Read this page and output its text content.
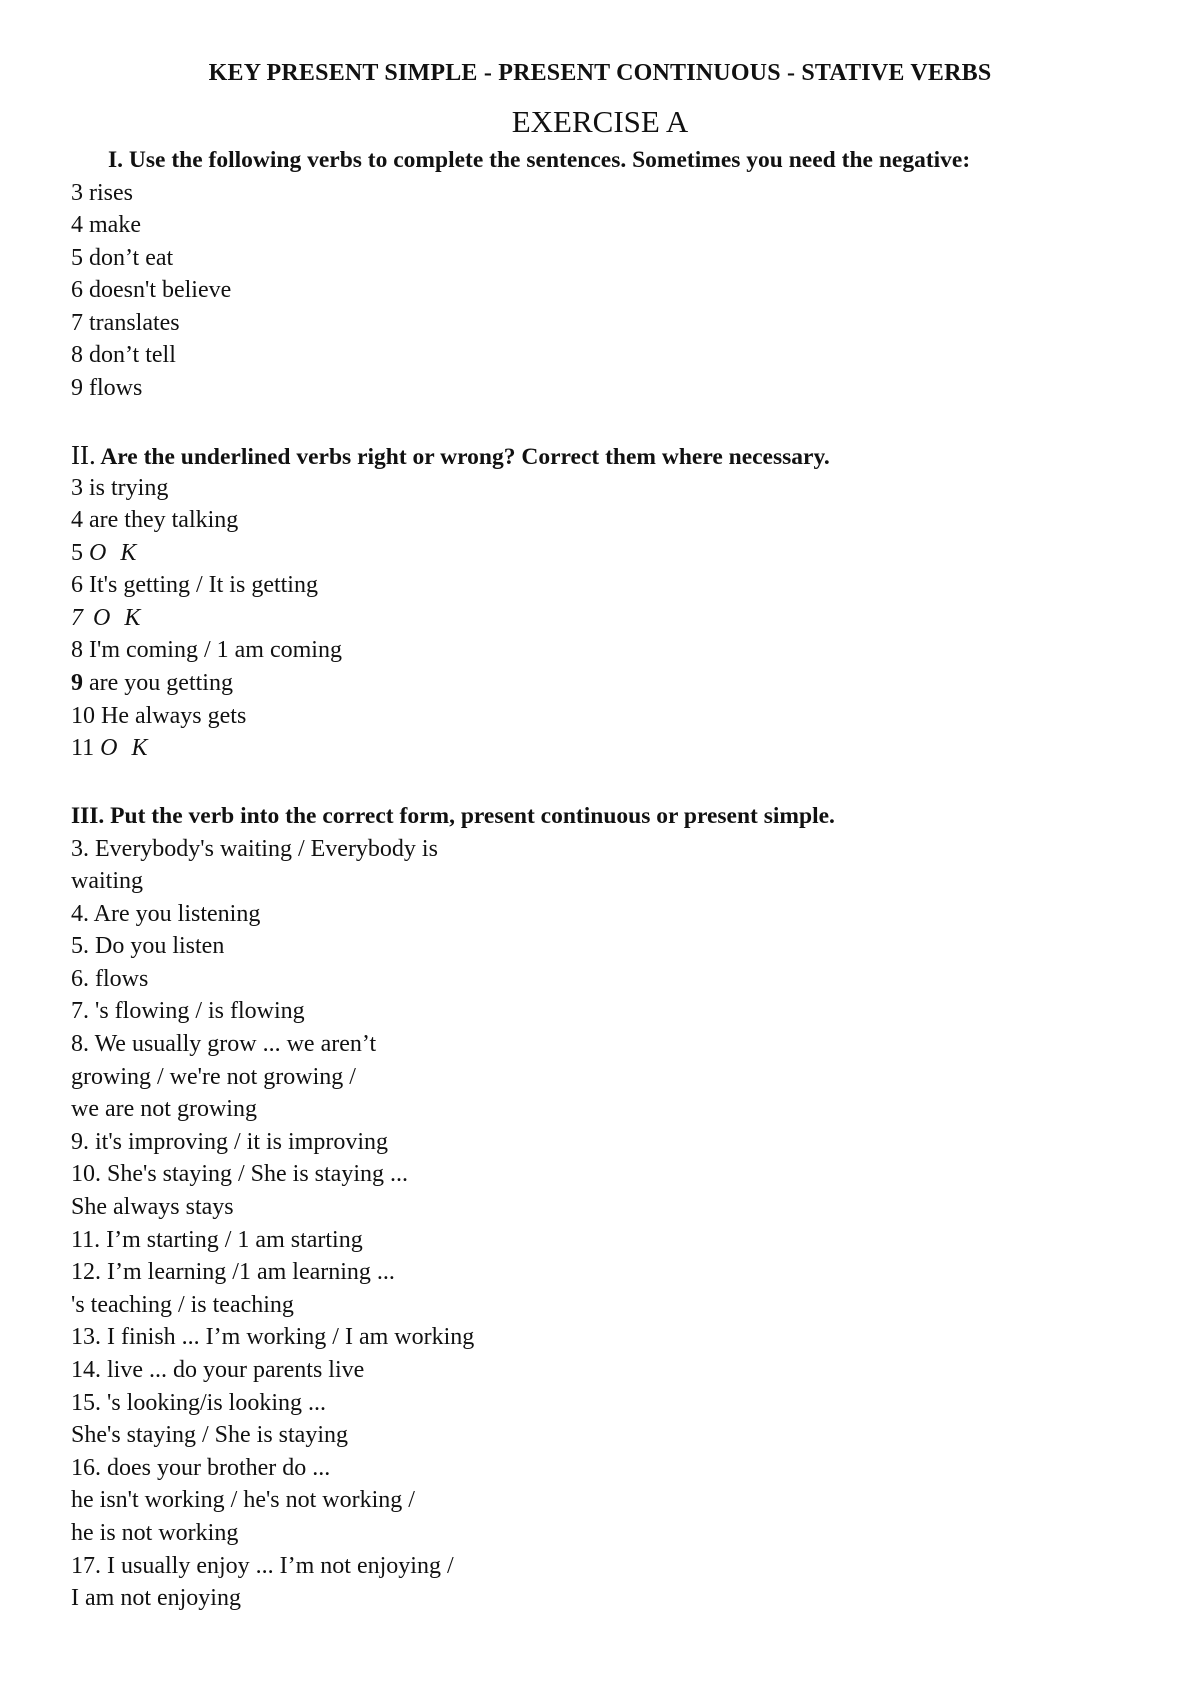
KEY PRESENT SIMPLE - PRESENT CONTINUOUS - STATIVE VERBS
EXERCISE A
I. Use the following verbs to complete the sentences. Sometimes you need the negative:
3 rises
4 make
5 don’t eat
6 doesn't believe
7 translates
8 don’t tell
9 flows
II. Are the underlined verbs right or wrong? Correct them where necessary.
3 is trying
4 are they talking
5 O K
6 It's getting / It is getting
7 O K
8 I'm coming / 1 am coming
9 are you getting
10 He always gets
11 O K
III. Put the verb into the correct form, present continuous or present simple.
3. Everybody's waiting / Everybody is
waiting
4. Are you listening
5. Do you listen
6. flows
7. 's flowing / is flowing
8. We usually grow ... we aren’t
growing / we're not growing /
we are not growing
9. it's improving / it is improving
10. She's staying / She is staying ...
She always stays
11. I’m starting / 1 am starting
12. I’m learning /1 am learning ...
's teaching / is teaching
13. I finish ... I’m working / I am working
14. live ... do your parents live
15. 's looking/is looking ...
She's staying / She is staying
16. does your brother do ...
he isn't working / he's not working /
he is not working
17. I usually enjoy ... I’m not enjoying /
I am not enjoying
